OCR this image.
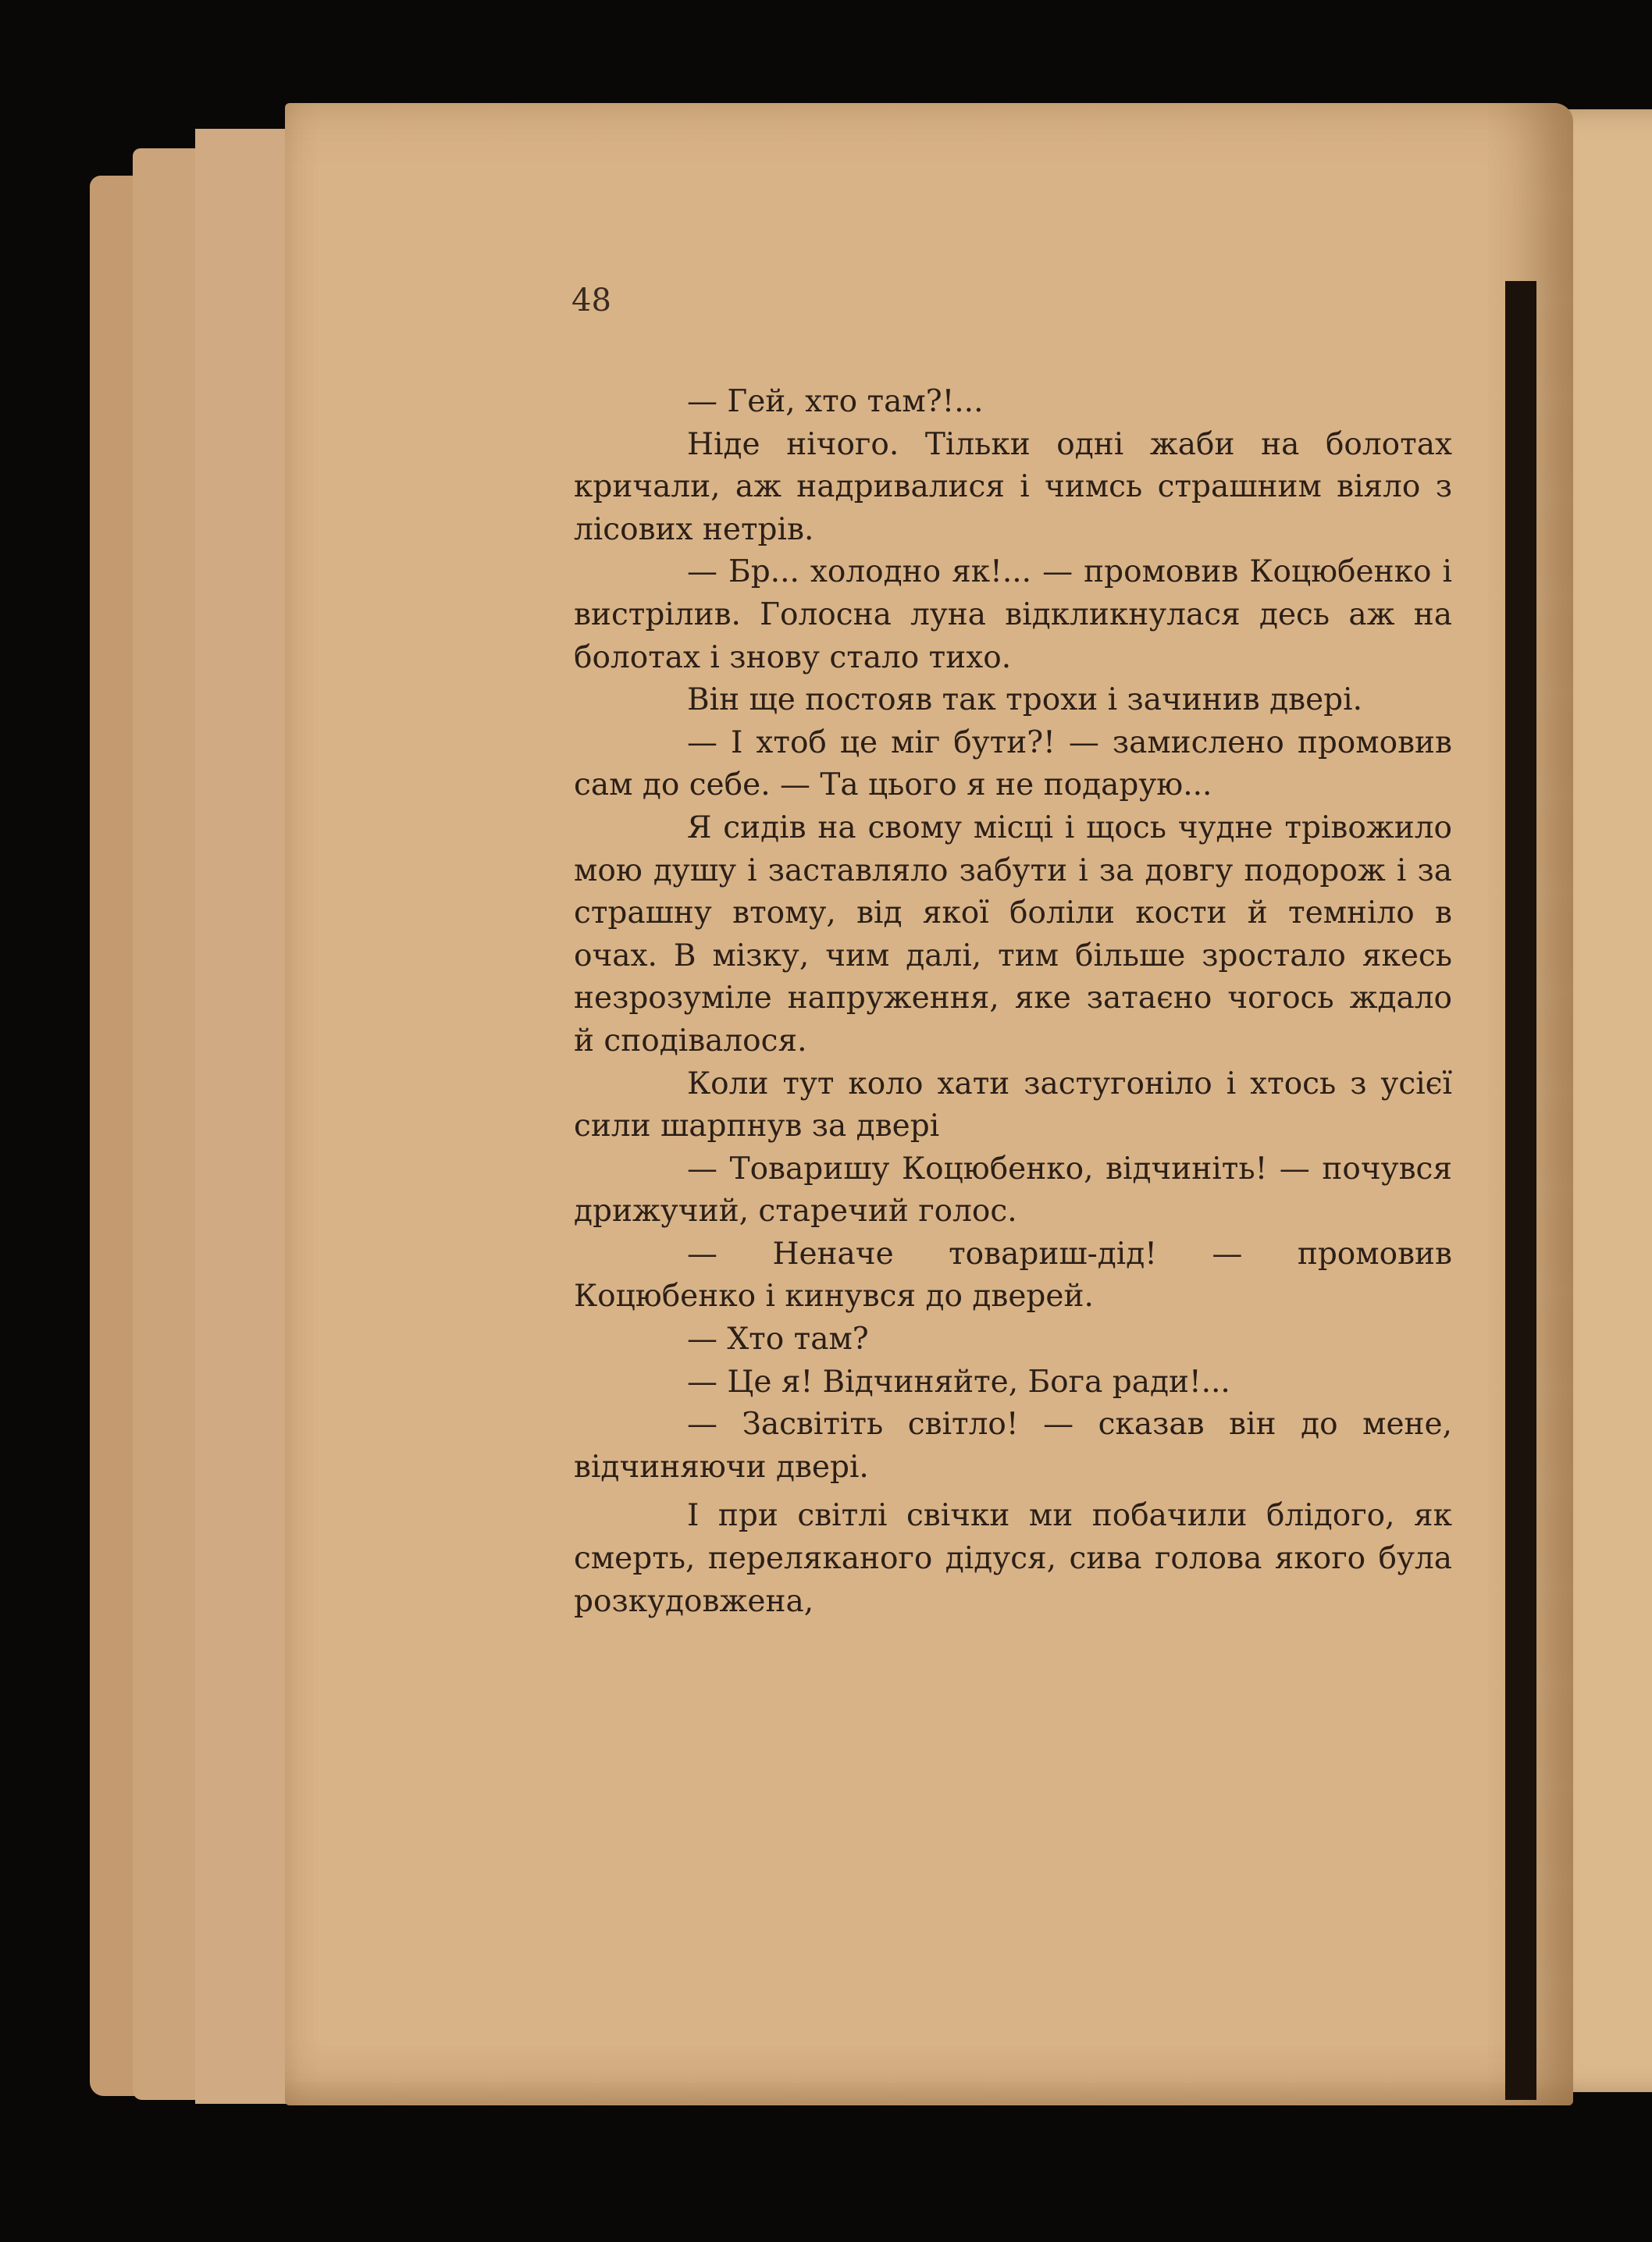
48

— Гей, хто там?!...

Ніде нічого. Тільки одні жаби на болотах кричали, аж надривалися і чимсь страшним віяло з лісових нетрів.

— Бр... холодно як!... — промовив Коцюбенко і вистрілив. Голосна луна відкликнулася десь аж на болотах і знову стало тихо.

Він ще постояв так трохи і зачинив двері.

— І хтоб це міг бути?! — замислено промовив сам до себе. — Та цього я не подарую...

Я сидів на свому місці і щось чудне трівожило мою душу і заставляло забути і за довгу подорож і за страшну втому, від якої боліли кости й темніло в очах. В мізку, чим далі, тим більше зростало якесь незрозуміле напруження, яке затаєно чогось ждало й сподівалося.

Коли тут коло хати застугоніло і хтось з усієї сили шарпнув за двері

— Товаришу Коцюбенко, відчиніть! — почувся дрижучий, старечий голос.

— Неначе товариш-дід! — промовив Коцюбенко і кинувся до дверей.

— Хто там?

— Це я! Відчиняйте, Бога ради!...

— Засвітіть світло! — сказав він до мене, відчиняючи двері.

І при світлі свічки ми побачили блідого, як смерть, переляканого дідуся, сива голова якого була розкудовжена,
